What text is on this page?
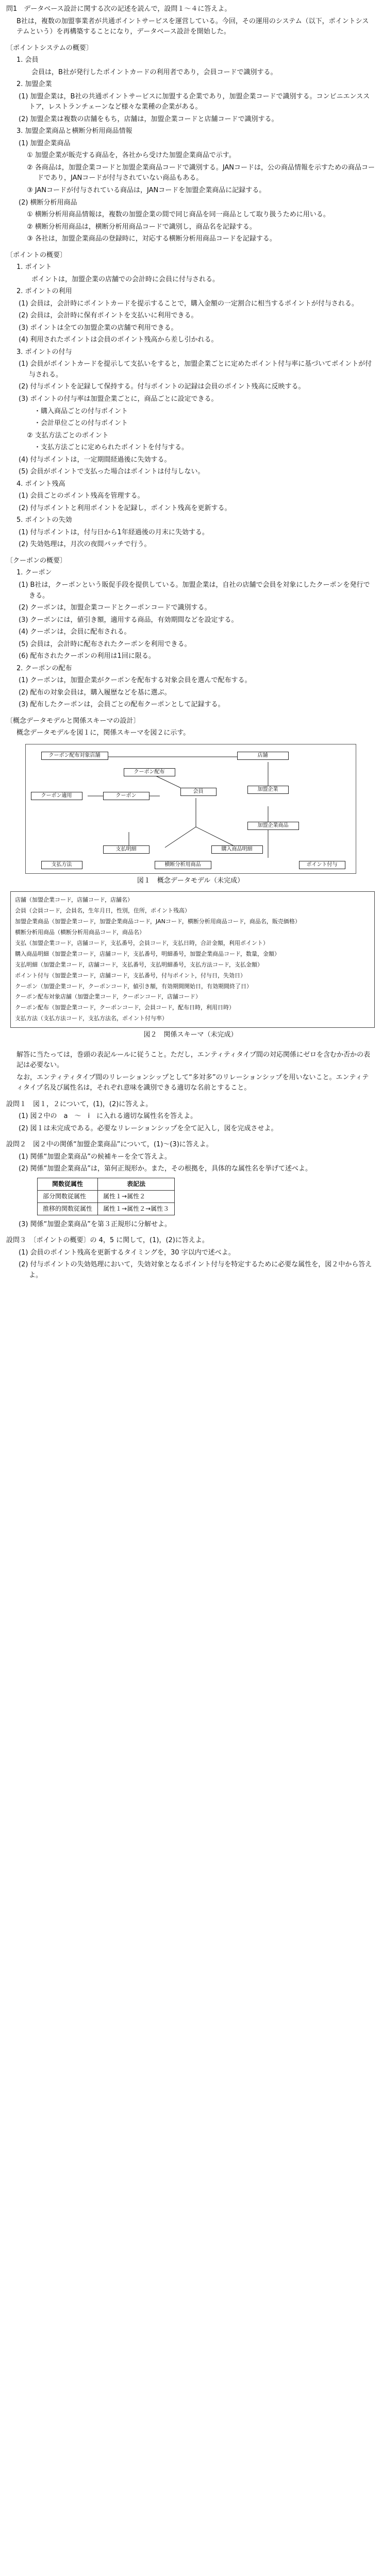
問1　データベース設計に関する次の記述を読んで，設問１～４に答えよ。

B社は，複数の加盟事業者が共通ポイントサービスを運営している。今回，その運用のシステム（以下，ポイントシステムという）を再構築することになり，データベース設計を開始した。

〔ポイントシステムの概要〕

1. 会員

　会員は，B社が発行したポイントカードの利用者であり，会員コードで識別する。

2. 加盟企業

(1) 加盟企業は，B社の共通ポイントサービスに加盟する企業であり，加盟企業コードで識別する。コンビニエンスストア，レストランチェーンなど様々な業種の企業がある。

(2) 加盟企業は複数の店舗をもち，店舗は，加盟企業コードと店舗コードで識別する。

3. 加盟企業商品と横断分析用商品情報

(1) 加盟企業商品

① 加盟企業が販売する商品を，各社から受けた加盟企業商品で示す。

② 各商品は，加盟企業コードと加盟企業商品コードで識別する。JANコードは，公の商品情報を示すための商品コードであり，JANコードが付与されていない商品もある。

③ JANコードが付与されている商品は，JANコードを加盟企業商品に記録する。

(2) 横断分析用商品

① 横断分析用商品情報は，複数の加盟企業の間で同じ商品を同一商品として取り扱うために用いる。

② 横断分析用商品は，横断分析用商品コードで識別し，商品名を記録する。

③ 各社は，加盟企業商品の登録時に，対応する横断分析用商品コードを記録する。

〔ポイントの概要〕

1. ポイント

　ポイントは，加盟企業の店舗での会計時に会員に付与される。

2. ポイントの利用

(1) 会員は，会計時にポイントカードを提示することで，購入金額の一定割合に相当するポイントが付与される。

(2) 会員は，会計時に保有ポイントを支払いに利用できる。

(3) ポイントは全ての加盟企業の店舗で利用できる。

(4) 利用されたポイントは会員のポイント残高から差し引かれる。

3. ポイントの付与

(1) 会員がポイントカードを提示して支払いをすると，加盟企業ごとに定めたポイント付与率に基づいてポイントが付与される。

(2) 付与ポイントを記録して保持する。付与ポイントの記録は会員のポイント残高に反映する。

(3) ポイントの付与率は加盟企業ごとに，商品ごとに設定できる。

・購入商品ごとの付与ポイント

・会計単位ごとの付与ポイント

② 支払方法ごとのポイント

・支払方法ごとに定められたポイントを付与する。

(4) 付与ポイントは，一定期間経過後に失効する。

(5) 会員がポイントで支払った場合はポイントは付与しない。

4. ポイント残高

(1) 会員ごとのポイント残高を管理する。

(2) 付与ポイントと利用ポイントを記録し，ポイント残高を更新する。

5. ポイントの失効

(1) 付与ポイントは，付与日から1年経過後の月末に失効する。

(2) 失効処理は，月次の夜間バッチで行う。

〔クーポンの概要〕

1. クーポン

(1) B社は，クーポンという販促手段を提供している。加盟企業は，自社の店舗で会員を対象にしたクーポンを発行できる。

(2) クーポンは，加盟企業コードとクーポンコードで識別する。

(3) クーポンには，値引き額，適用する商品，有効期間などを設定する。

(4) クーポンは，会員に配布される。

(5) 会員は，会計時に配布されたクーポンを利用できる。

(6) 配布されたクーポンの利用は1回に限る。

2. クーポンの配布

(1) クーポンは，加盟企業がクーポンを配布する対象会員を選んで配布する。

(2) 配布の対象会員は，購入履歴などを基に選ぶ。

(3) 配布したクーポンは，会員ごとの配布クーポンとして記録する。

〔概念データモデルと関係スキーマの設計〕

概念データモデルを図１に，関係スキーマを図２に示す。

クーポン配布対象店舗	店舗
クーポン配布
会員
クーポン適用	クーポン
支払明細	購入商品明細
横断分析用商品	ポイント付与
加盟企業
加盟企業商品
支払方法

図１　概念データモデル（未完成）

店舗（加盟企業コード，店舗コード，店舗名）
会員（会員コード，会員名，生年月日，性別，住所，ポイント残高）
加盟企業商品（加盟企業コード，加盟企業商品コード，JANコード，横断分析用商品コード，商品名，販売価格）
横断分析用商品（横断分析用商品コード，商品名）
支払（加盟企業コード，店舗コード，支払番号，会員コード，支払日時，合計金額，利用ポイント）
購入商品明細（加盟企業コード，店舗コード，支払番号，明細番号，加盟企業商品コード，数量，金額）
支払明細（加盟企業コード，店舗コード，支払番号，支払明細番号，支払方法コード，支払金額）
ポイント付与（加盟企業コード，店舗コード，支払番号，付与ポイント，付与日，失効日）
クーポン（加盟企業コード，クーポンコード，値引き額，有効期間開始日，有効期間終了日）
クーポン配布対象店舗（加盟企業コード，クーポンコード，店舗コード）
クーポン配布（加盟企業コード，クーポンコード，会員コード，配布日時，利用日時）
支払方法（支払方法コード，支払方法名，ポイント付与率）

図２　関係スキーマ（未完成）

解答に当たっては，巻頭の表記ルールに従うこと。ただし，エンティティタイプ間の対応関係にゼロを含むか否かの表記は必要ない。

なお，エンティティタイプ間のリレーションシップとして“多対多”のリレーションシップを用いないこと。エンティティタイプ名及び属性名は，それぞれ意味を識別できる適切な名前とすること。

設問１　図１，２について，(1)，(2)に答えよ。

(1) 図２中の　a　～　i　に入れる適切な属性名を答えよ。

(2) 図１は未完成である。必要なリレーションシップを全て記入し，図を完成させよ。

設問２　図２中の関係“加盟企業商品”について，(1)～(3)に答えよ。

(1) 関係“加盟企業商品”の候補キーを全て答えよ。

(2) 関係“加盟企業商品”は，第何正規形か。また，その根拠を，具体的な属性名を挙げて述べよ。

関数従属性	表記法
部分関数従属性	属性１→属性２
推移的関数従属性	属性１→属性２→属性３

(3) 関係“加盟企業商品”を第３正規形に分解せよ。

設問３　〔ポイントの概要〕の 4，5 に関して，(1)，(2)に答えよ。

(1) 会員のポイント残高を更新するタイミングを，30 字以内で述べよ。

(2) 付与ポイントの失効処理において，失効対象となるポイント付与を特定するために必要な属性を，図２中から答えよ。
